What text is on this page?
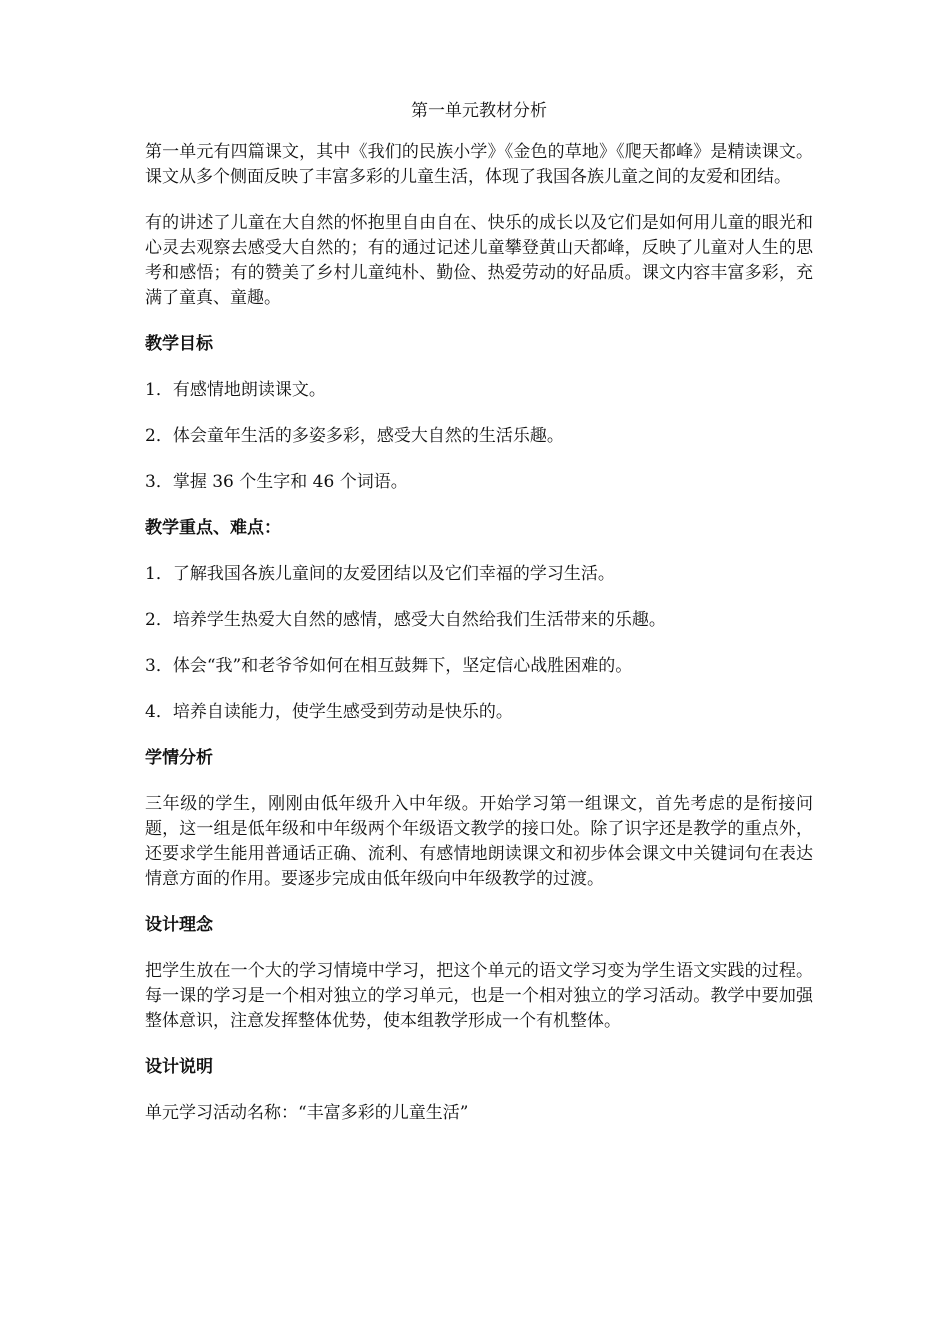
第一单元教材分析

第一单元有四篇课文，其中《我们的民族小学》《金色的草地》《爬天都峰》是精读课文。课文从多个侧面反映了丰富多彩的儿童生活，体现了我国各族儿童之间的友爱和团结。

有的讲述了儿童在大自然的怀抱里自由自在、快乐的成长以及它们是如何用儿童的眼光和心灵去观察去感受大自然的；有的通过记述儿童攀登黄山天都峰，反映了儿童对人生的思考和感悟；有的赞美了乡村儿童纯朴、勤俭、热爱劳动的好品质。课文内容丰富多彩，充满了童真、童趣。

教学目标

1．有感情地朗读课文。

2．体会童年生活的多姿多彩，感受大自然的生活乐趣。

3．掌握 36 个生字和 46 个词语。

教学重点、难点：

1．了解我国各族儿童间的友爱团结以及它们幸福的学习生活。

2．培养学生热爱大自然的感情，感受大自然给我们生活带来的乐趣。

3．体会“我”和老爷爷如何在相互鼓舞下，坚定信心战胜困难的。

4．培养自读能力，使学生感受到劳动是快乐的。

学情分析

三年级的学生，刚刚由低年级升入中年级。开始学习第一组课文，首先考虑的是衔接问题，这一组是低年级和中年级两个年级语文教学的接口处。除了识字还是教学的重点外，还要求学生能用普通话正确、流利、有感情地朗读课文和初步体会课文中关键词句在表达情意方面的作用。要逐步完成由低年级向中年级教学的过渡。

设计理念

把学生放在一个大的学习情境中学习，把这个单元的语文学习变为学生语文实践的过程。每一课的学习是一个相对独立的学习单元，也是一个相对独立的学习活动。教学中要加强整体意识，注意发挥整体优势，使本组教学形成一个有机整体。

设计说明

单元学习活动名称：“丰富多彩的儿童生活”
